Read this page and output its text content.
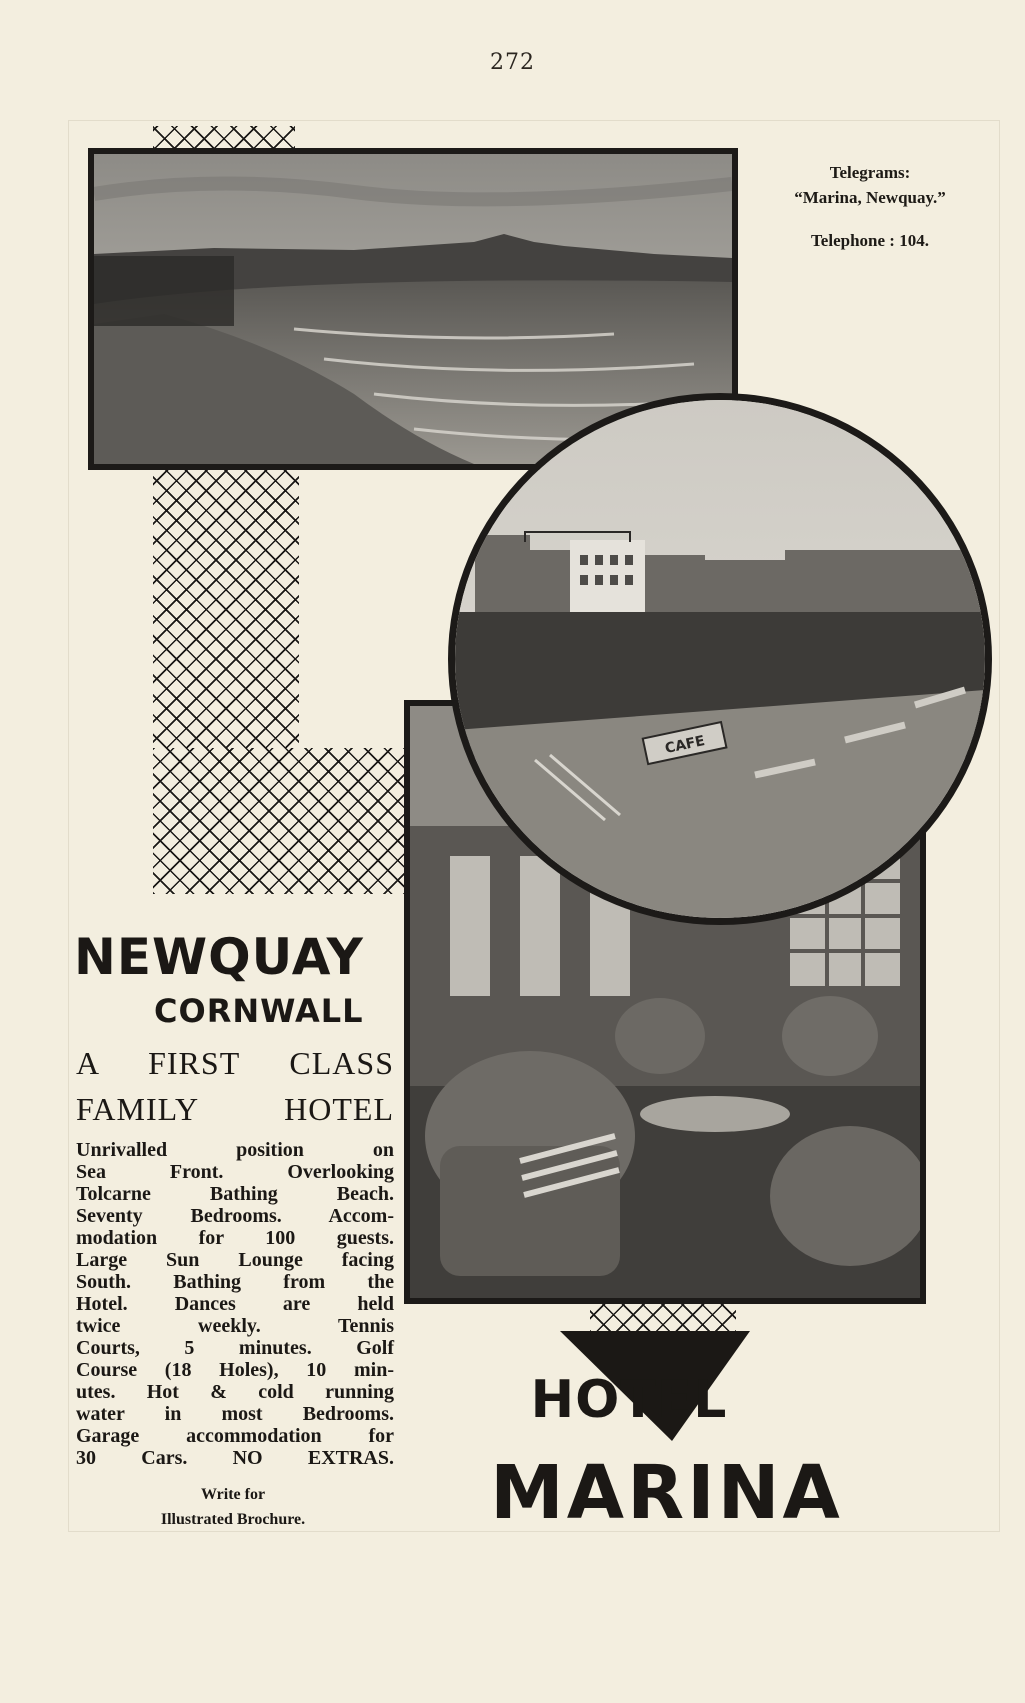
272
Telegrams:
“Marina, Newquay.”
Telephone : 104.
CAFE
NEWQUAY
CORNWALL
A FIRST CLASS
FAMILY HOTEL

Unrivalled position on

Sea Front. Overlooking

Tolcarne Bathing Beach.

Seventy Bedrooms. Accom-

modation for 100 guests.

Large Sun Lounge facing

South. Bathing from the

Hotel. Dances are held

twice weekly. Tennis

Courts, 5 minutes. Golf

Course (18 Holes), 10 min-

utes. Hot & cold running

water in most Bedrooms.

Garage accommodation for

30 Cars. NO EXTRAS.

Write for
Illustrated Brochure.
HOTEL
MARINA
